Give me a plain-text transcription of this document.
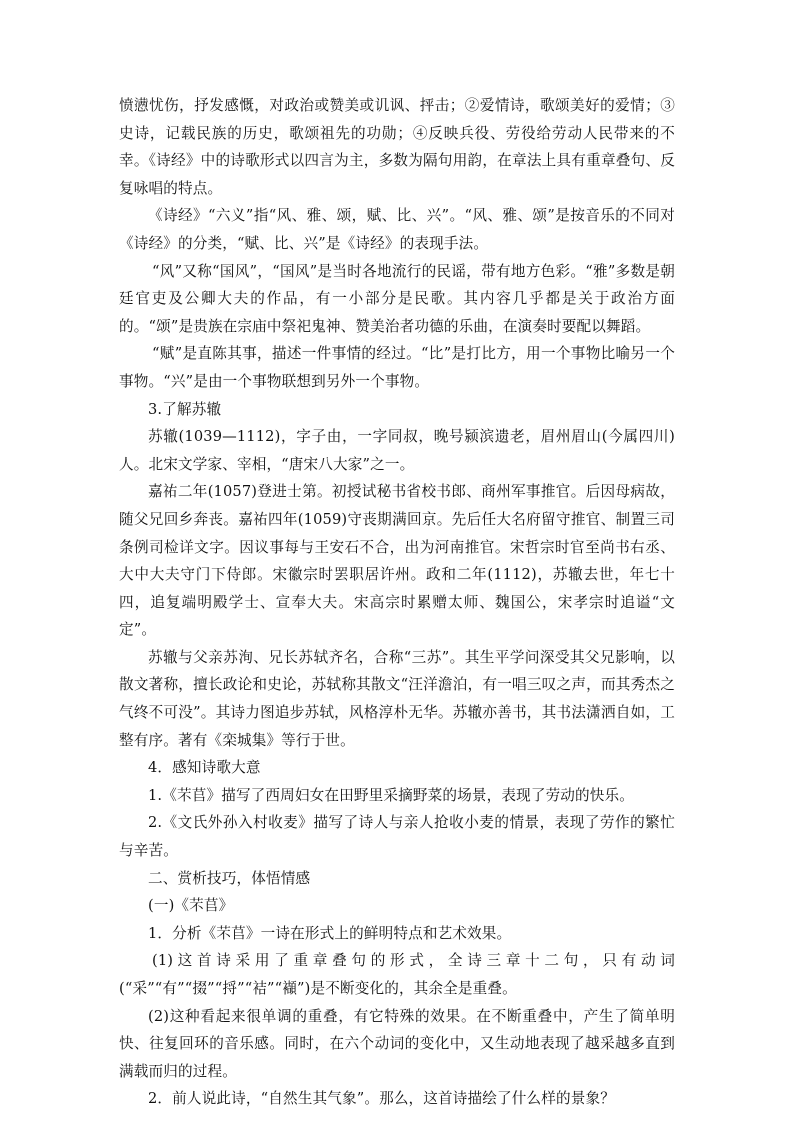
愤懑忧伤，抒发感慨，对政治或赞美或讥讽、抨击；②爱情诗，歌颂美好的爱情；③史诗，记载民族的历史，歌颂祖先的功勋；④反映兵役、劳役给劳动人民带来的不幸。《诗经》中的诗歌形式以四言为主，多数为隔句用韵，在章法上具有重章叠句、反复咏唱的特点。

《诗经》“六义”指“风、雅、颂，赋、比、兴”。“风、雅、颂”是按音乐的不同对《诗经》的分类，“赋、比、兴”是《诗经》的表现手法。

“风”又称“国风”，“国风”是当时各地流行的民谣，带有地方色彩。“雅”多数是朝廷官吏及公卿大夫的作品，有一小部分是民歌。其内容几乎都是关于政治方面的。“颂”是贵族在宗庙中祭祀鬼神、赞美治者功德的乐曲，在演奏时要配以舞蹈。

“赋”是直陈其事，描述一件事情的经过。“比”是打比方，用一个事物比喻另一个事物。“兴”是由一个事物联想到另外一个事物。

3.了解苏辙

苏辙(1039—1112)，字子由，一字同叔，晚号颍滨遗老，眉州眉山(今属四川)人。北宋文学家、宰相，“唐宋八大家”之一。

嘉祐二年(1057)登进士第。初授试秘书省校书郎、商州军事推官。后因母病故，随父兄回乡奔丧。嘉祐四年(1059)守丧期满回京。先后任大名府留守推官、制置三司条例司检详文字。因议事每与王安石不合，出为河南推官。宋哲宗时官至尚书右丞、大中大夫守门下侍郎。宋徽宗时罢职居许州。政和二年(1112)，苏辙去世，年七十四，追复端明殿学士、宣奉大夫。宋高宗时累赠太师、魏国公，宋孝宗时追谥“文定”。

苏辙与父亲苏洵、兄长苏轼齐名，合称“三苏”。其生平学问深受其父兄影响，以散文著称，擅长政论和史论，苏轼称其散文“汪洋澹泊，有一唱三叹之声，而其秀杰之气终不可没”。其诗力图追步苏轼，风格淳朴无华。苏辙亦善书，其书法潇洒自如，工整有序。著有《栾城集》等行于世。

4．感知诗歌大意

1.《芣苢》描写了西周妇女在田野里采摘野菜的场景，表现了劳动的快乐。

2.《文氏外孙入村收麦》描写了诗人与亲人抢收小麦的情景，表现了劳作的繁忙与辛苦。

二、赏析技巧，体悟情感

(一)《芣苢》

1．分析《芣苢》一诗在形式上的鲜明特点和艺术效果。

(1)这首诗采用了重章叠句的形式，全诗三章十二句，只有动词(“采”“有”“掇”“捋”“袺”“襭”)是不断变化的，其余全是重叠。

(2)这种看起来很单调的重叠，有它特殊的效果。在不断重叠中，产生了简单明快、往复回环的音乐感。同时，在六个动词的变化中，又生动地表现了越采越多直到满载而归的过程。

2．前人说此诗，“自然生其气象”。那么，这首诗描绘了什么样的景象？
